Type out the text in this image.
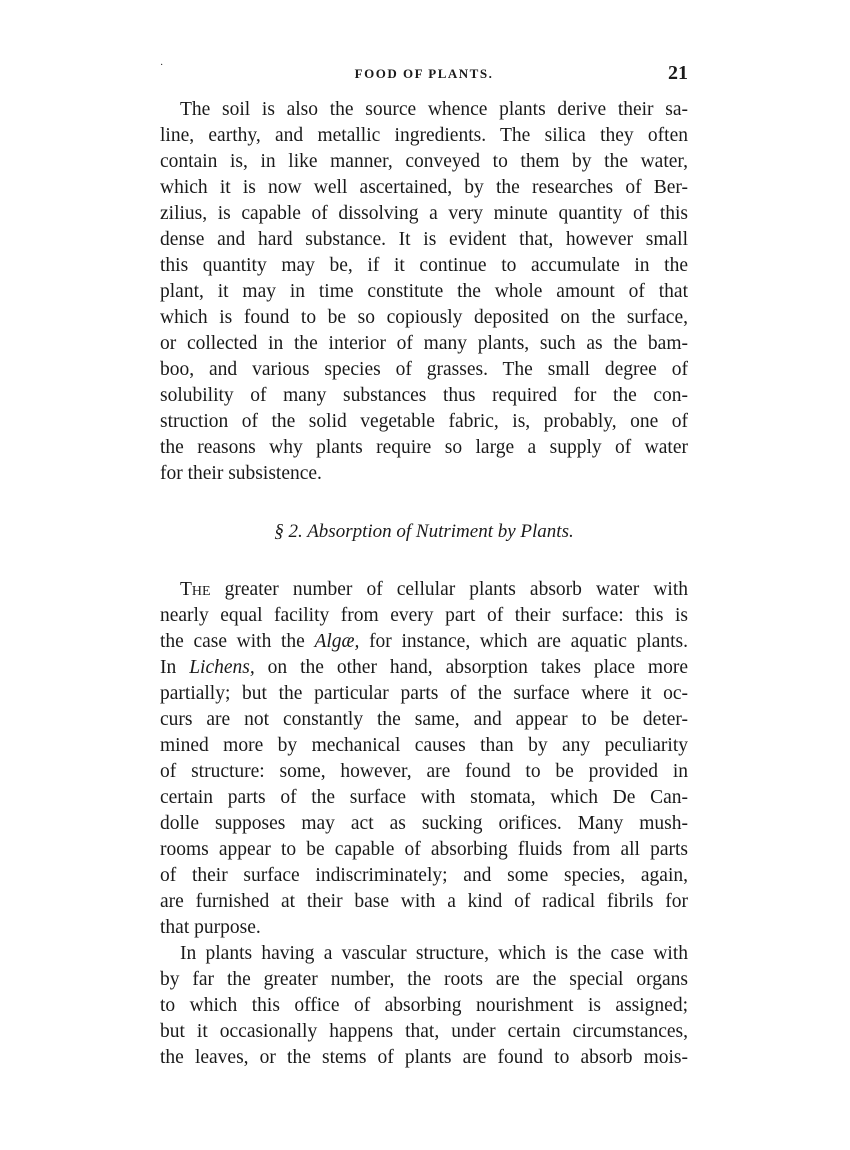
·
FOOD OF PLANTS.	21
The soil is also the source whence plants derive their sa-
line, earthy, and metallic ingredients. The silica they often
contain is, in like manner, conveyed to them by the water,
which it is now well ascertained, by the researches of Ber-
zilius, is capable of dissolving a very minute quantity of this
dense and hard substance. It is evident that, however small
this quantity may be, if it continue to accumulate in the
plant, it may in time constitute the whole amount of that
which is found to be so copiously deposited on the surface,
or collected in the interior of many plants, such as the bam-
boo, and various species of grasses. The small degree of
solubility of many substances thus required for the con-
struction of the solid vegetable fabric, is, probably, one of
the reasons why plants require so large a supply of water
for their subsistence.
§ 2. Absorption of Nutriment by Plants.
The greater number of cellular plants absorb water with
nearly equal facility from every part of their surface: this is
the case with the Algæ, for instance, which are aquatic plants.
In Lichens, on the other hand, absorption takes place more
partially; but the particular parts of the surface where it oc-
curs are not constantly the same, and appear to be deter-
mined more by mechanical causes than by any peculiarity
of structure: some, however, are found to be provided in
certain parts of the surface with stomata, which De Can-
dolle supposes may act as sucking orifices. Many mush-
rooms appear to be capable of absorbing fluids from all parts
of their surface indiscriminately; and some species, again,
are furnished at their base with a kind of radical fibrils for
that purpose.
In plants having a vascular structure, which is the case with
by far the greater number, the roots are the special organs
to which this office of absorbing nourishment is assigned;
but it occasionally happens that, under certain circumstances,
the leaves, or the stems of plants are found to absorb mois-
